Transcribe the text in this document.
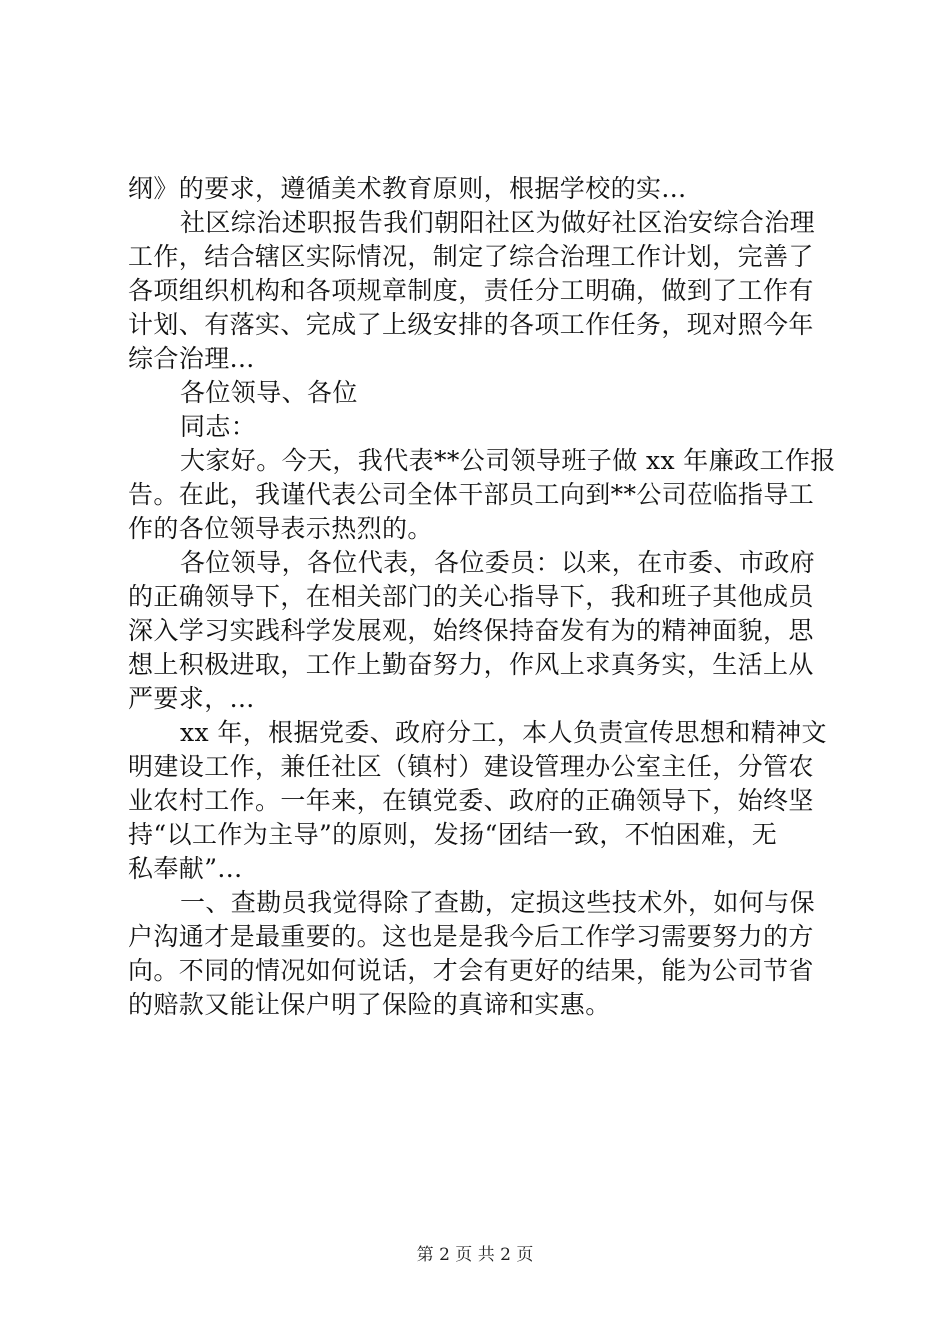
纲》的要求，遵循美术教育原则，根据学校的实...
社区综治述职报告我们朝阳社区为做好社区治安综合治理
工作，结合辖区实际情况，制定了综合治理工作计划，完善了
各项组织机构和各项规章制度，责任分工明确，做到了工作有
计划、有落实、完成了上级安排的各项工作任务，现对照今年
综合治理...
各位领导、各位
同志：
大家好。今天，我代表**公司领导班子做 xx 年廉政工作报
告。在此，我谨代表公司全体干部员工向到**公司莅临指导工
作的各位领导表示热烈的。
各位领导，各位代表，各位委员：以来，在市委、市政府
的正确领导下，在相关部门的关心指导下，我和班子其他成员
深入学习实践科学发展观，始终保持奋发有为的精神面貌，思
想上积极进取，工作上勤奋努力，作风上求真务实，生活上从
严要求，...
xx 年，根据党委、政府分工，本人负责宣传思想和精神文
明建设工作，兼任社区（镇村）建设管理办公室主任，分管农
业农村工作。一年来，在镇党委、政府的正确领导下，始终坚
持“以工作为主导”的原则，发扬“团结一致，不怕困难，无
私奉献”...
一、查勘员我觉得除了查勘，定损这些技术外，如何与保
户沟通才是最重要的。这也是是我今后工作学习需要努力的方
向。不同的情况如何说话，才会有更好的结果，能为公司节省
的赔款又能让保户明了保险的真谛和实惠。
第 2 页 共 2 页
